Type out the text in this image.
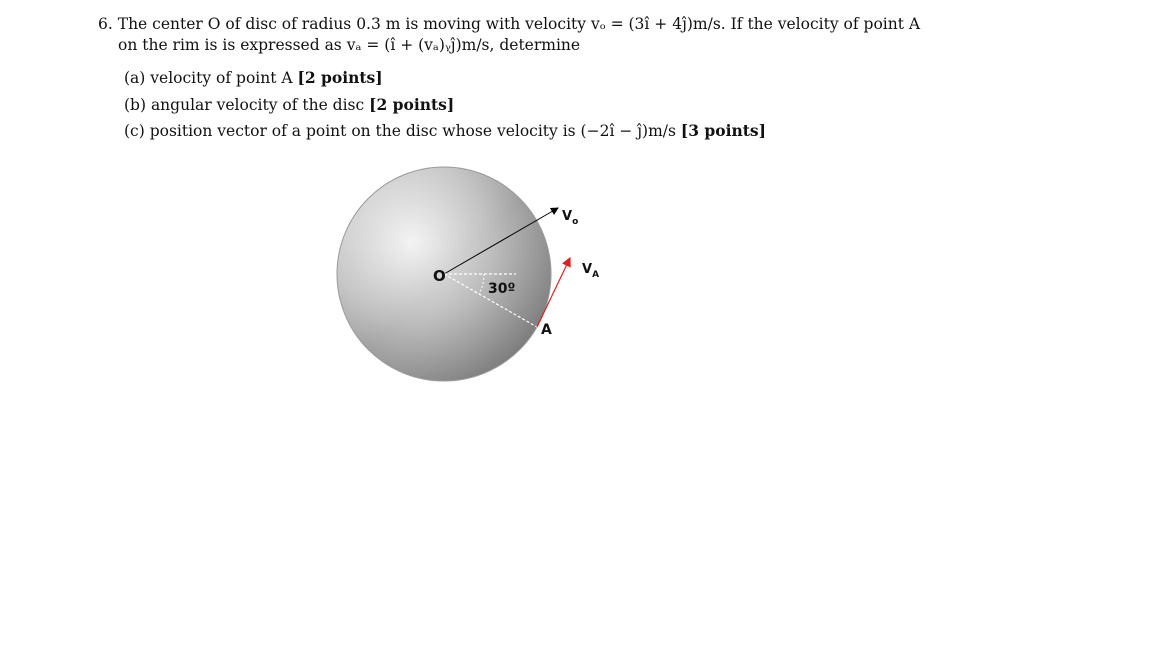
6. The center O of disc of radius 0.3 m is moving with velocity vₒ = (3î + 4ĵ)m/s. If the velocity of point A
on the rim is is expressed as vₐ = (î + (vₐ)ᵧĵ)m/s, determine
(a) velocity of point A [2 points]
(b) angular velocity of the disc [2 points]
(c) position vector of a point on the disc whose velocity is (−2î − ĵ)m/s [3 points]
O
30º
A
$V_o$
$V_A$
